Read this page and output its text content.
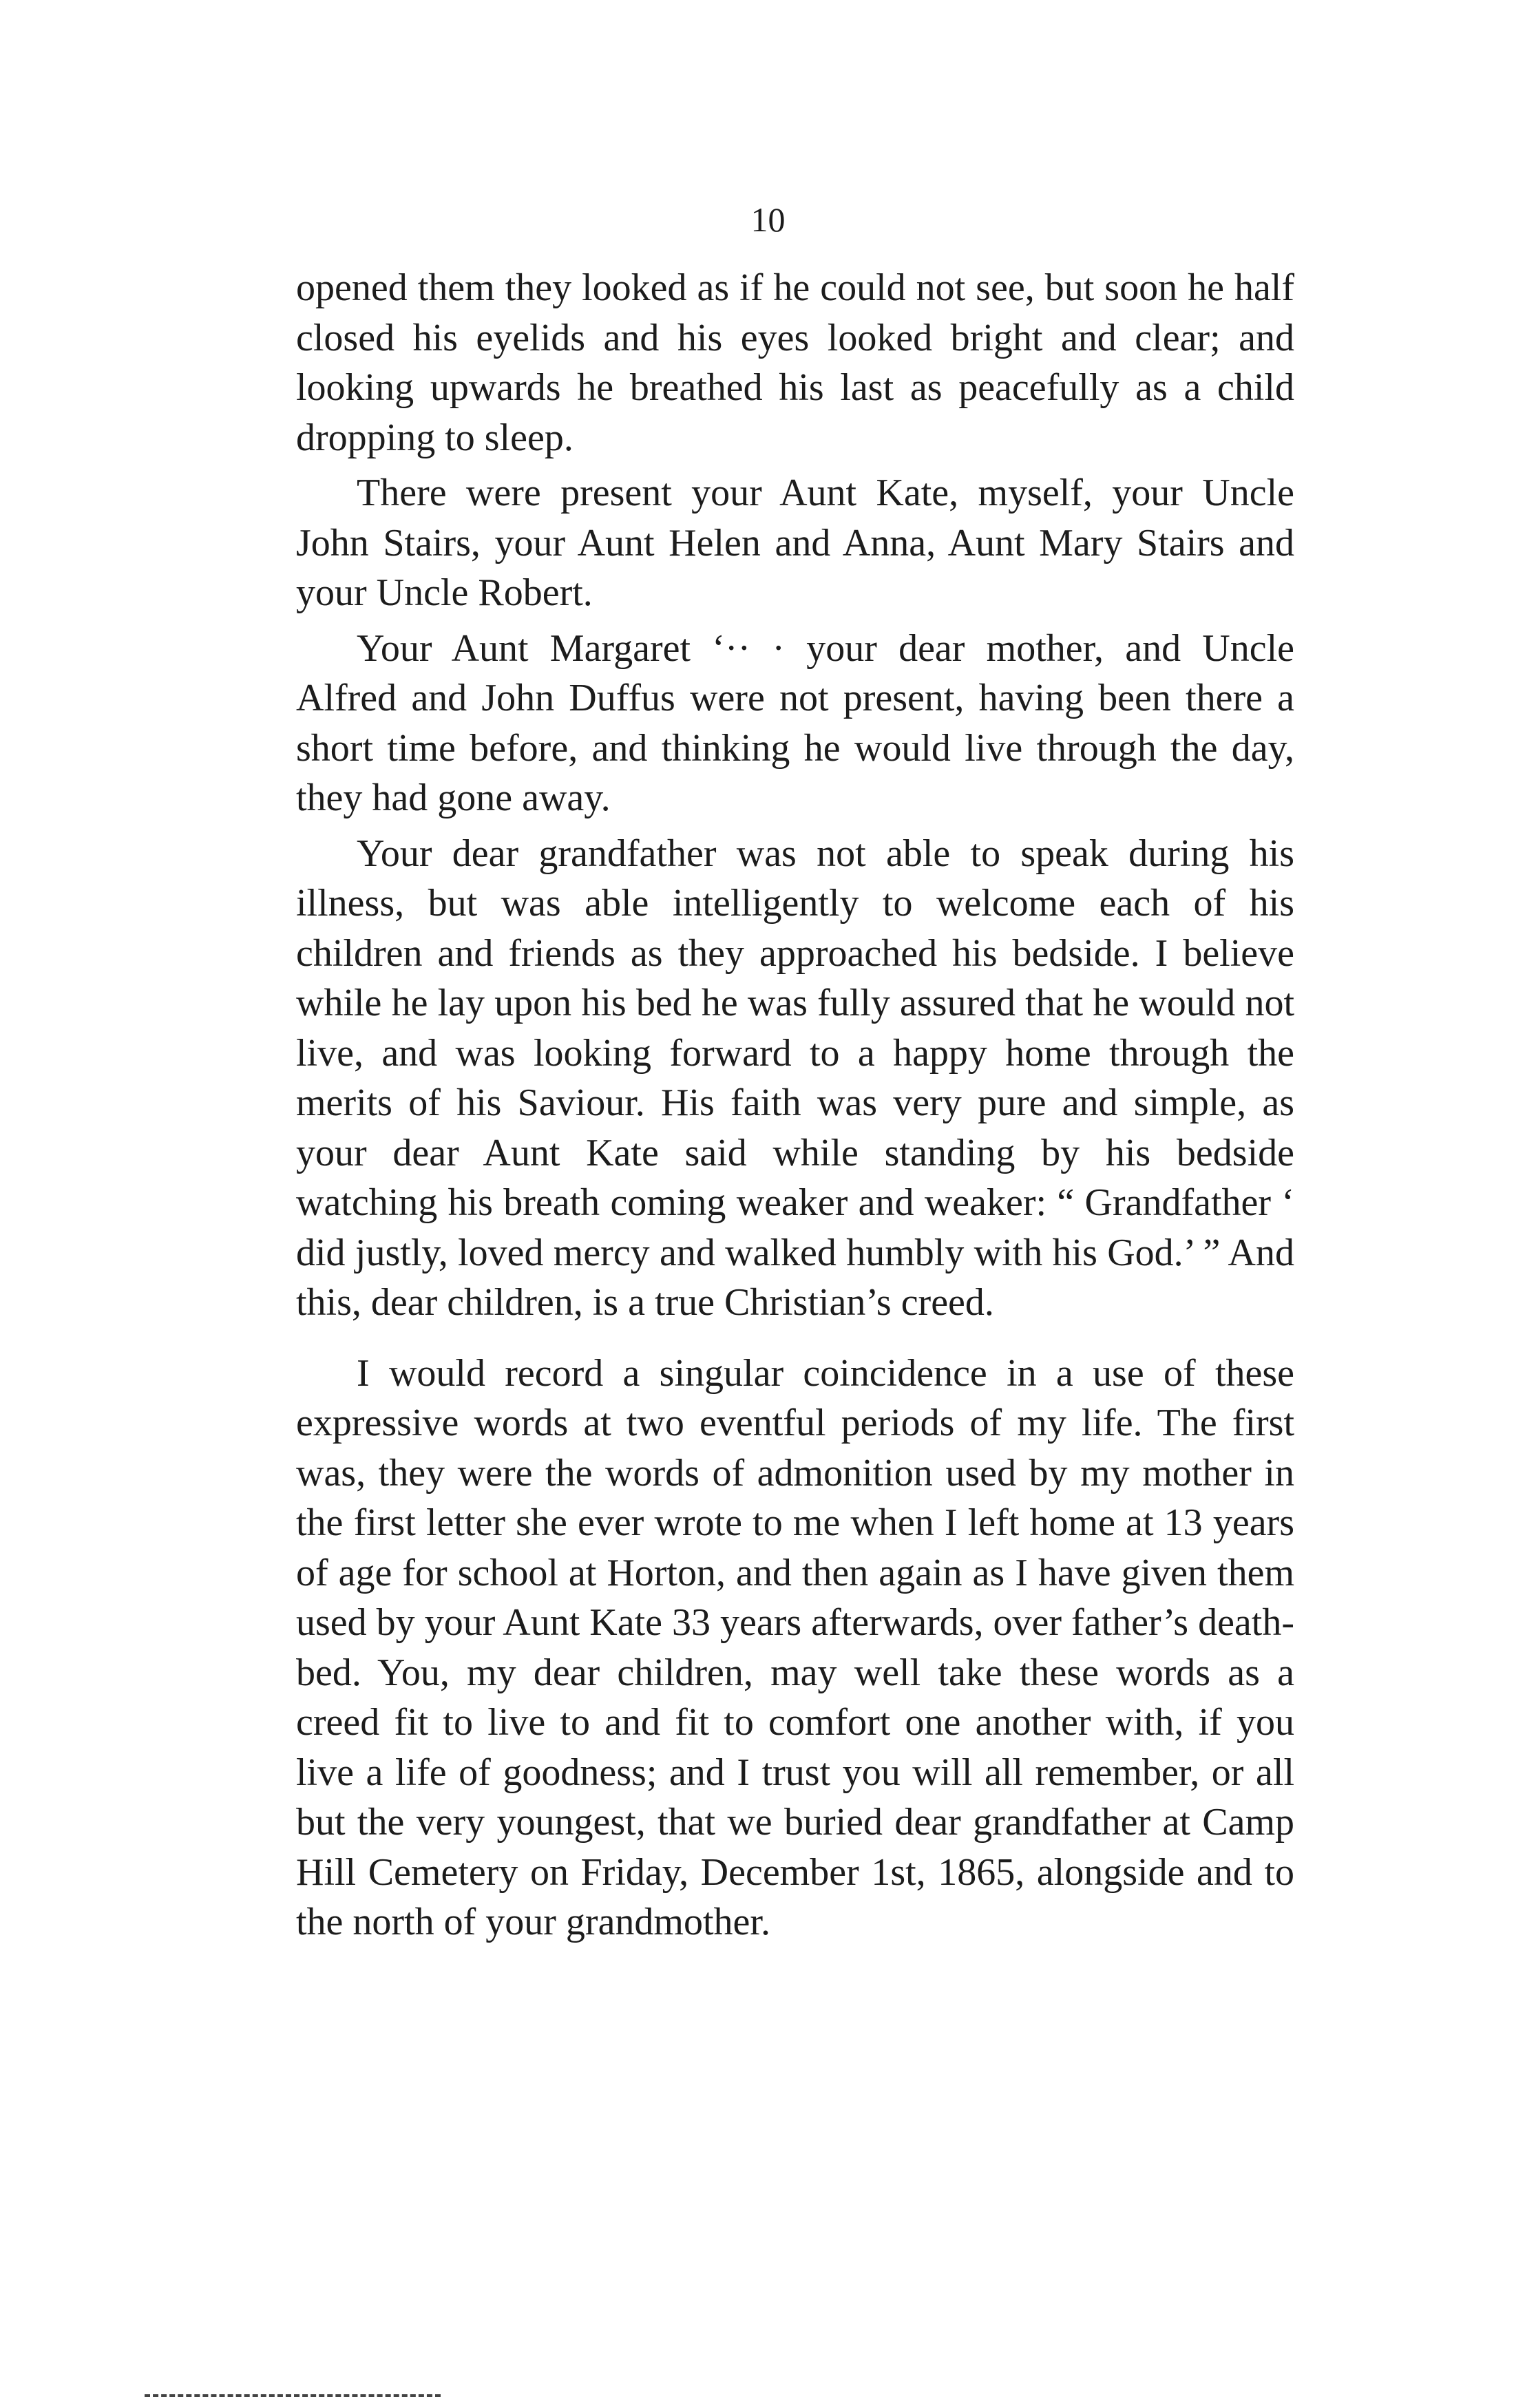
10

opened them they looked as if he could not see, but soon he half closed his eyelids and his eyes looked bright and clear; and looking upwards he breathed his last as peacefully as a child dropping to sleep.

There were present your Aunt Kate, myself, your Uncle John Stairs, your Aunt Helen and Anna, Aunt Mary Stairs and your Uncle Robert.

Your Aunt Margaret ‘·· · your dear mother, and Uncle Alfred and John Duffus were not present, having been there a short time before, and thinking he would live through the day, they had gone away.

Your dear grandfather was not able to speak during his illness, but was able intelligently to welcome each of his children and friends as they approached his bedside. I believe while he lay upon his bed he was fully assured that he would not live, and was looking forward to a happy home through the merits of his Saviour. His faith was very pure and simple, as your dear Aunt Kate said while standing by his bedside watching his breath coming weaker and weaker: “ Grandfather ‘ did justly, loved mercy and walked humbly with his God.’ ” And this, dear children, is a true Christian’s creed.

I would record a singular coincidence in a use of these expressive words at two eventful periods of my life. The first was, they were the words of admonition used by my mother in the first letter she ever wrote to me when I left home at 13 years of age for school at Horton, and then again as I have given them used by your Aunt Kate 33 years afterwards, over father’s death-bed. You, my dear children, may well take these words as a creed fit to live to and fit to comfort one another with, if you live a life of goodness; and I trust you will all remember, or all but the very youngest, that we buried dear grandfather at Camp Hill Cemetery on Friday, December 1st, 1865, alongside and to the north of your grandmother.
